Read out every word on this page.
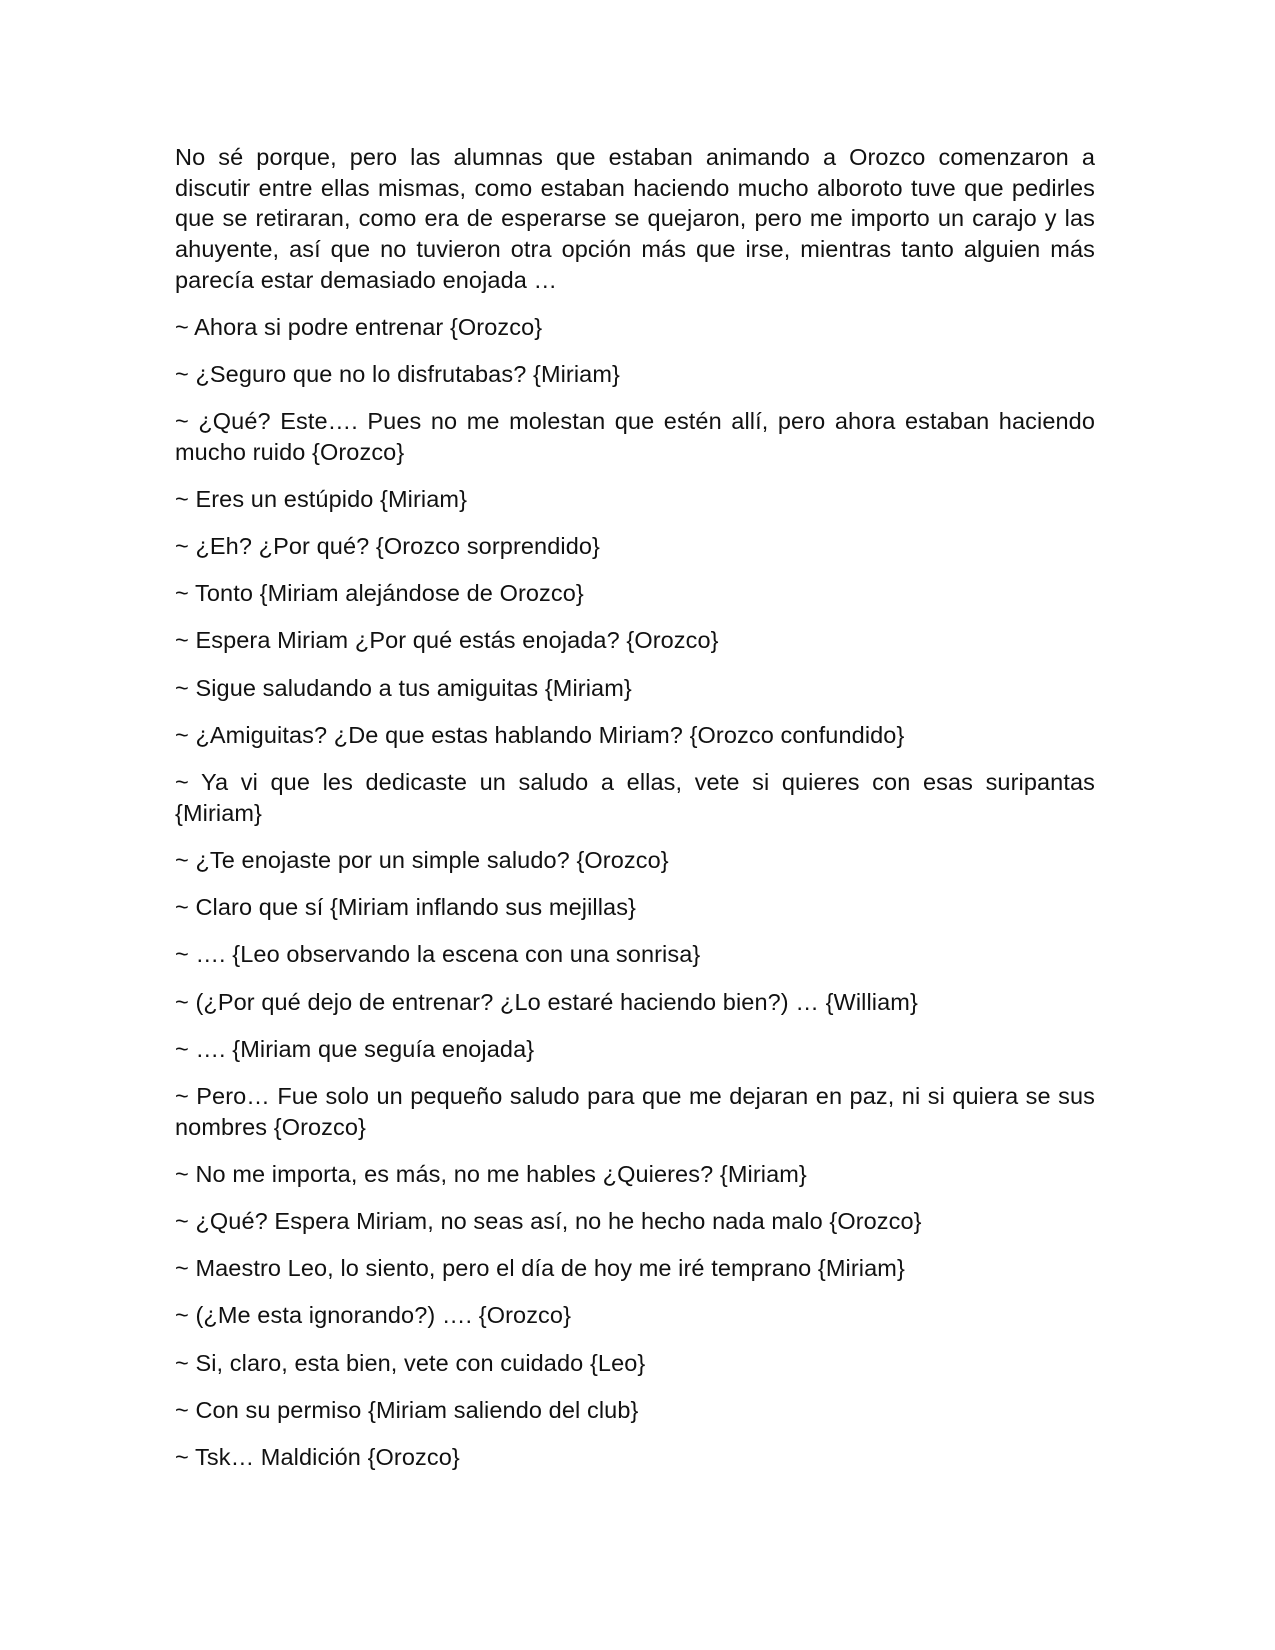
No sé porque, pero las alumnas que estaban animando a Orozco comenzaron a discutir entre ellas mismas, como estaban haciendo mucho alboroto tuve que pedirles que se retiraran, como era de esperarse se quejaron, pero me importo un carajo y las ahuyente, así que no tuvieron otra opción más que irse, mientras tanto alguien más parecía estar demasiado enojada …

~ Ahora si podre entrenar {Orozco}

~ ¿Seguro que no lo disfrutabas? {Miriam}

~ ¿Qué? Este…. Pues no me molestan que estén allí, pero ahora estaban haciendo mucho ruido {Orozco}

~ Eres un estúpido {Miriam}

~ ¿Eh? ¿Por qué? {Orozco sorprendido}

~ Tonto {Miriam alejándose de Orozco}

~ Espera Miriam ¿Por qué estás enojada? {Orozco}

~ Sigue saludando a tus amiguitas {Miriam}

~ ¿Amiguitas? ¿De que estas hablando Miriam? {Orozco confundido}

~ Ya vi que les dedicaste un saludo a ellas, vete si quieres con esas suripantas {Miriam}

~ ¿Te enojaste por un simple saludo? {Orozco}

~ Claro que sí {Miriam inflando sus mejillas}

~ …. {Leo observando la escena con una sonrisa}

~ (¿Por qué dejo de entrenar? ¿Lo estaré haciendo bien?) … {William}

~ …. {Miriam que seguía enojada}

~ Pero… Fue solo un pequeño saludo para que me dejaran en paz, ni si quiera se sus nombres {Orozco}

~ No me importa, es más, no me hables ¿Quieres? {Miriam}

~ ¿Qué? Espera Miriam, no seas así, no he hecho nada malo {Orozco}

~ Maestro Leo, lo siento, pero el día de hoy me iré temprano {Miriam}

~ (¿Me esta ignorando?) …. {Orozco}

~ Si, claro, esta bien, vete con cuidado {Leo}

~ Con su permiso {Miriam saliendo del club}

~ Tsk… Maldición {Orozco}
